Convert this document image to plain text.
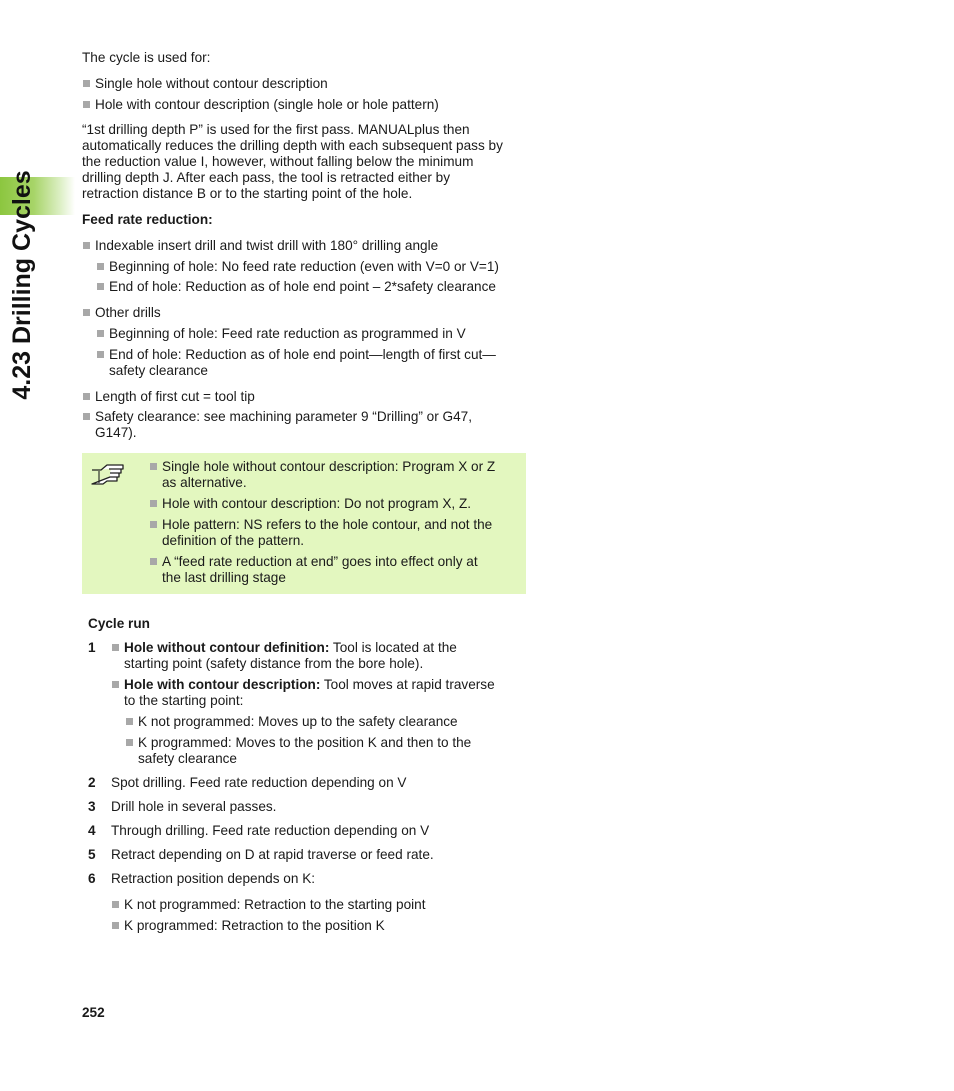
4.23 Drilling Cycles
The cycle is used for:
Single hole without contour description
Hole with contour description (single hole or hole pattern)
“1st drilling depth P” is used for the first pass. MANUALplus then
automatically reduces the drilling depth with each subsequent pass by
the reduction value I, however, without falling below the minimum
drilling depth J. After each pass, the tool is retracted either by
retraction distance B or to the starting point of the hole.
Feed rate reduction:
Indexable insert drill and twist drill with 180° drilling angle
Beginning of hole: No feed rate reduction (even with V=0 or V=1)
End of hole: Reduction as of hole end point – 2*safety clearance
Other drills
Beginning of hole: Feed rate reduction as programmed in V
End of hole: Reduction as of hole end point—length of first cut—
safety clearance
Length of first cut = tool tip
Safety clearance: see machining parameter 9 “Drilling” or G47,
G147).
Single hole without contour description: Program X or Z
as alternative.
Hole with contour description: Do not program X, Z.
Hole pattern: NS refers to the hole contour, and not the
definition of the pattern.
A “feed rate reduction at end” goes into effect only at
the last drilling stage
Cycle run
1 Hole without contour definition: Tool is located at the
starting point (safety distance from the bore hole).
Hole with contour description: Tool moves at rapid traverse
to the starting point:
K not programmed: Moves up to the safety clearance
K programmed: Moves to the position K and then to the
safety clearance
2 Spot drilling. Feed rate reduction depending on V
3 Drill hole in several passes.
4 Through drilling. Feed rate reduction depending on V
5 Retract depending on D at rapid traverse or feed rate.
6 Retraction position depends on K:
K not programmed: Retraction to the starting point
K programmed: Retraction to the position K
252
